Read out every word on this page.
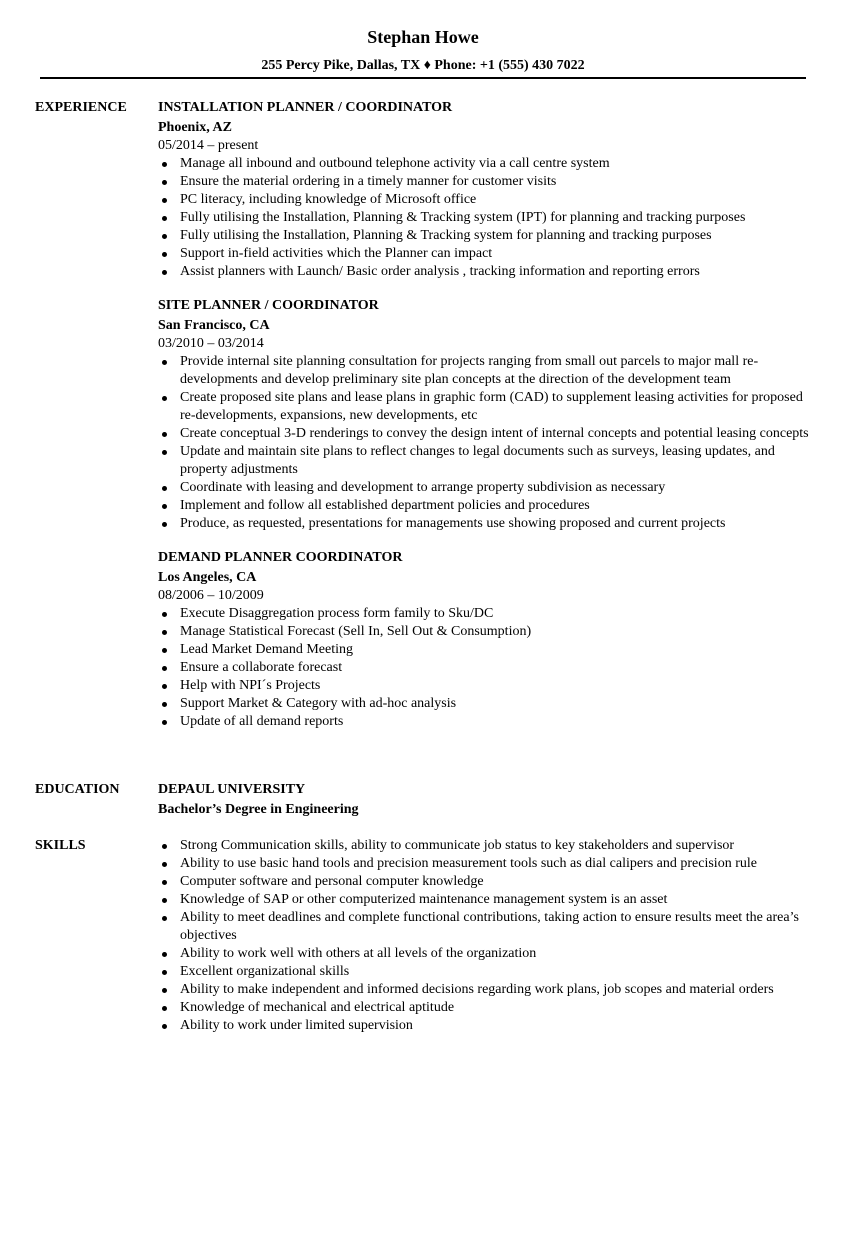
Stephan Howe
255 Percy Pike, Dallas, TX ♦ Phone: +1 (555) 430 7022
EXPERIENCE INSTALLATION PLANNER / COORDINATOR
Phoenix, AZ
05/2014 – present
Manage all inbound and outbound telephone activity via a call centre system
Ensure the material ordering in a timely manner for customer visits
PC literacy, including knowledge of Microsoft office
Fully utilising the Installation, Planning & Tracking system (IPT) for planning and tracking purposes
Fully utilising the Installation, Planning & Tracking system for planning and tracking purposes
Support in-field activities which the Planner can impact
Assist planners with Launch/ Basic order analysis , tracking information and reporting errors
SITE PLANNER / COORDINATOR
San Francisco, CA
03/2010 – 03/2014
Provide internal site planning consultation for projects ranging from small out parcels to major mall re-developments and develop preliminary site plan concepts at the direction of the development team
Create proposed site plans and lease plans in graphic form (CAD) to supplement leasing activities for proposed re-developments, expansions, new developments, etc
Create conceptual 3-D renderings to convey the design intent of internal concepts and potential leasing concepts
Update and maintain site plans to reflect changes to legal documents such as surveys, leasing updates, and property adjustments
Coordinate with leasing and development to arrange property subdivision as necessary
Implement and follow all established department policies and procedures
Produce, as requested, presentations for managements use showing proposed and current projects
DEMAND PLANNER COORDINATOR
Los Angeles, CA
08/2006 – 10/2009
Execute Disaggregation process form family to Sku/DC
Manage Statistical Forecast (Sell In, Sell Out & Consumption)
Lead Market Demand Meeting
Ensure a collaborate forecast
Help with NPI´s Projects
Support Market & Category with ad-hoc analysis
Update of all demand reports
EDUCATION	DEPAUL UNIVERSITY
Bachelor’s Degree in Engineering
SKILLS	Strong Communication skills, ability to communicate job status to key stakeholders and supervisor
Ability to use basic hand tools and precision measurement tools such as dial calipers and precision rule
Computer software and personal computer knowledge
Knowledge of SAP or other computerized maintenance management system is an asset
Ability to meet deadlines and complete functional contributions, taking action to ensure results meet the area’s objectives
Ability to work well with others at all levels of the organization
Excellent organizational skills
Ability to make independent and informed decisions regarding work plans, job scopes and material orders
Knowledge of mechanical and electrical aptitude
Ability to work under limited supervision
